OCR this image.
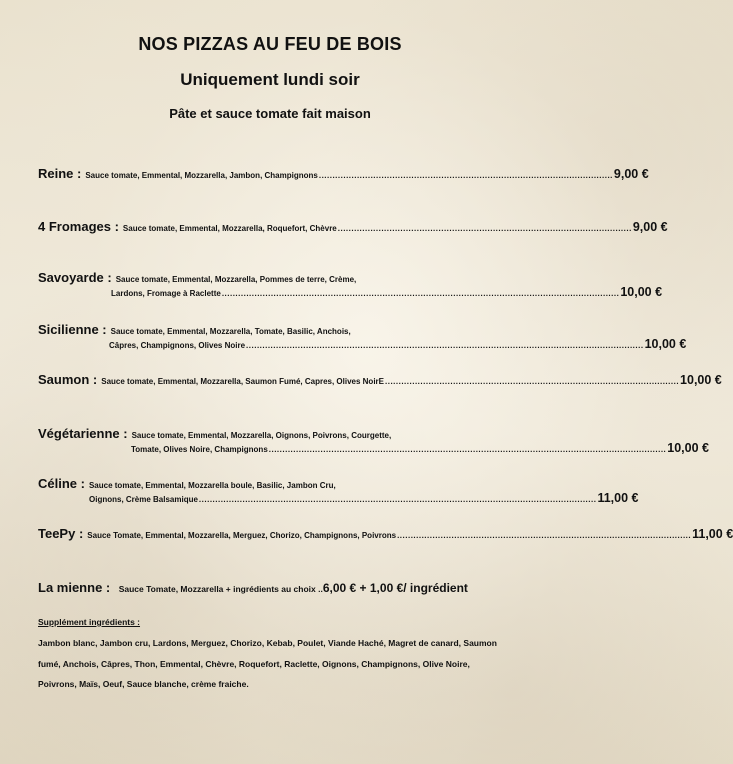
NOS PIZZAS AU FEU DE BOIS
Uniquement lundi soir
Pâte et sauce tomate fait maison
Reine : Sauce tomate, Emmental, Mozzarella, Jambon, Champignons ............................................................................................................ 9,00 €
4 Fromages : Sauce tomate, Emmental, Mozzarella, Roquefort, Chèvre ............................................................................................................ 9,00 €
Savoyarde : Sauce tomate, Emmental, Mozzarella, Pommes de terre, Crème,
Lardons, Fromage à Raclette .................................................................................................................................................. 10,00 €
Sicilienne : Sauce tomate, Emmental, Mozzarella, Tomate, Basilic, Anchois,
Câpres, Champignons, Olives Noire .................................................................................................................................................. 10,00 €
Saumon : Sauce tomate, Emmental, Mozzarella, Saumon Fumé, Capres, Olives NoirE ............................................................................................................ 10,00 €
Végétarienne : Sauce tomate, Emmental, Mozzarella, Oignons, Poivrons, Courgette,
Tomate, Olives Noire, Champignons .................................................................................................................................................. 10,00 €
Céline : Sauce tomate, Emmental, Mozzarella boule, Basilic, Jambon Cru,
Oignons, Crème Balsamique .................................................................................................................................................. 11,00 €
TeePy : Sauce Tomate, Emmental, Mozzarella, Merguez, Chorizo, Champignons, Poivrons ............................................................................................................ 11,00 €
La mienne : Sauce Tomate, Mozzarella + ingrédients au choix ..6,00 € + 1,00 €/ ingrédient

Supplément ingrédients :

Jambon blanc, Jambon cru, Lardons, Merguez, Chorizo, Kebab, Poulet, Viande Haché, Magret de canard, Saumon fumé, Anchois, Câpres, Thon, Emmental, Chèvre, Roquefort, Raclette, Oignons, Champignons, Olive Noire, Poivrons, Maïs, Oeuf, Sauce blanche, crème fraiche.
